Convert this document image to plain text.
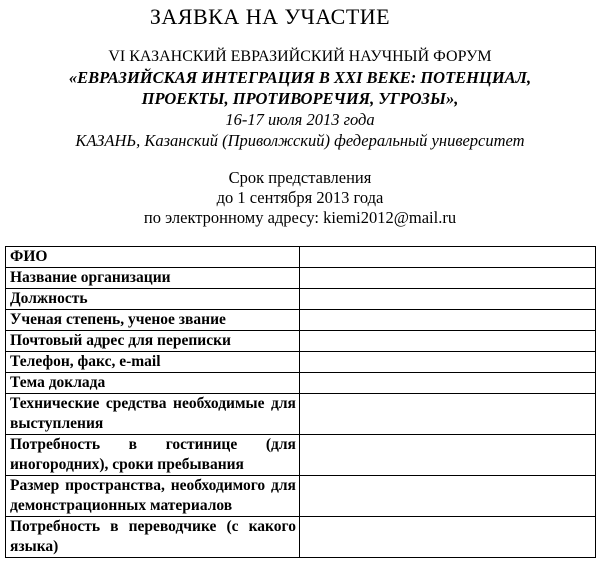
ЗАЯВКА НА УЧАСТИЕ
VI КАЗАНСКИЙ ЕВРАЗИЙСКИЙ НАУЧНЫЙ ФОРУМ
«ЕВРАЗИЙСКАЯ ИНТЕГРАЦИЯ В XXI ВЕКЕ: ПОТЕНЦИАЛ,
ПРОЕКТЫ, ПРОТИВОРЕЧИЯ, УГРОЗЫ»,
16-17 июля 2013 года
КАЗАНЬ, Казанский (Приволжский) федеральный университет
Срок представления
до 1 сентября 2013 года
по электронному адресу: kiemi2012@mail.ru
ФИО	
Название организации	
Должность	
Ученая степень, ученое звание	
Почтовый адрес для переписки	
Телефон, факс, e-mail	
Тема доклада	
Технические средства необходимые для выступления	
Потребность в гостинице (для иногородних), сроки пребывания	
Размер пространства, необходимого для демонстрационных материалов	
Потребность в переводчике (с какого языка)	
